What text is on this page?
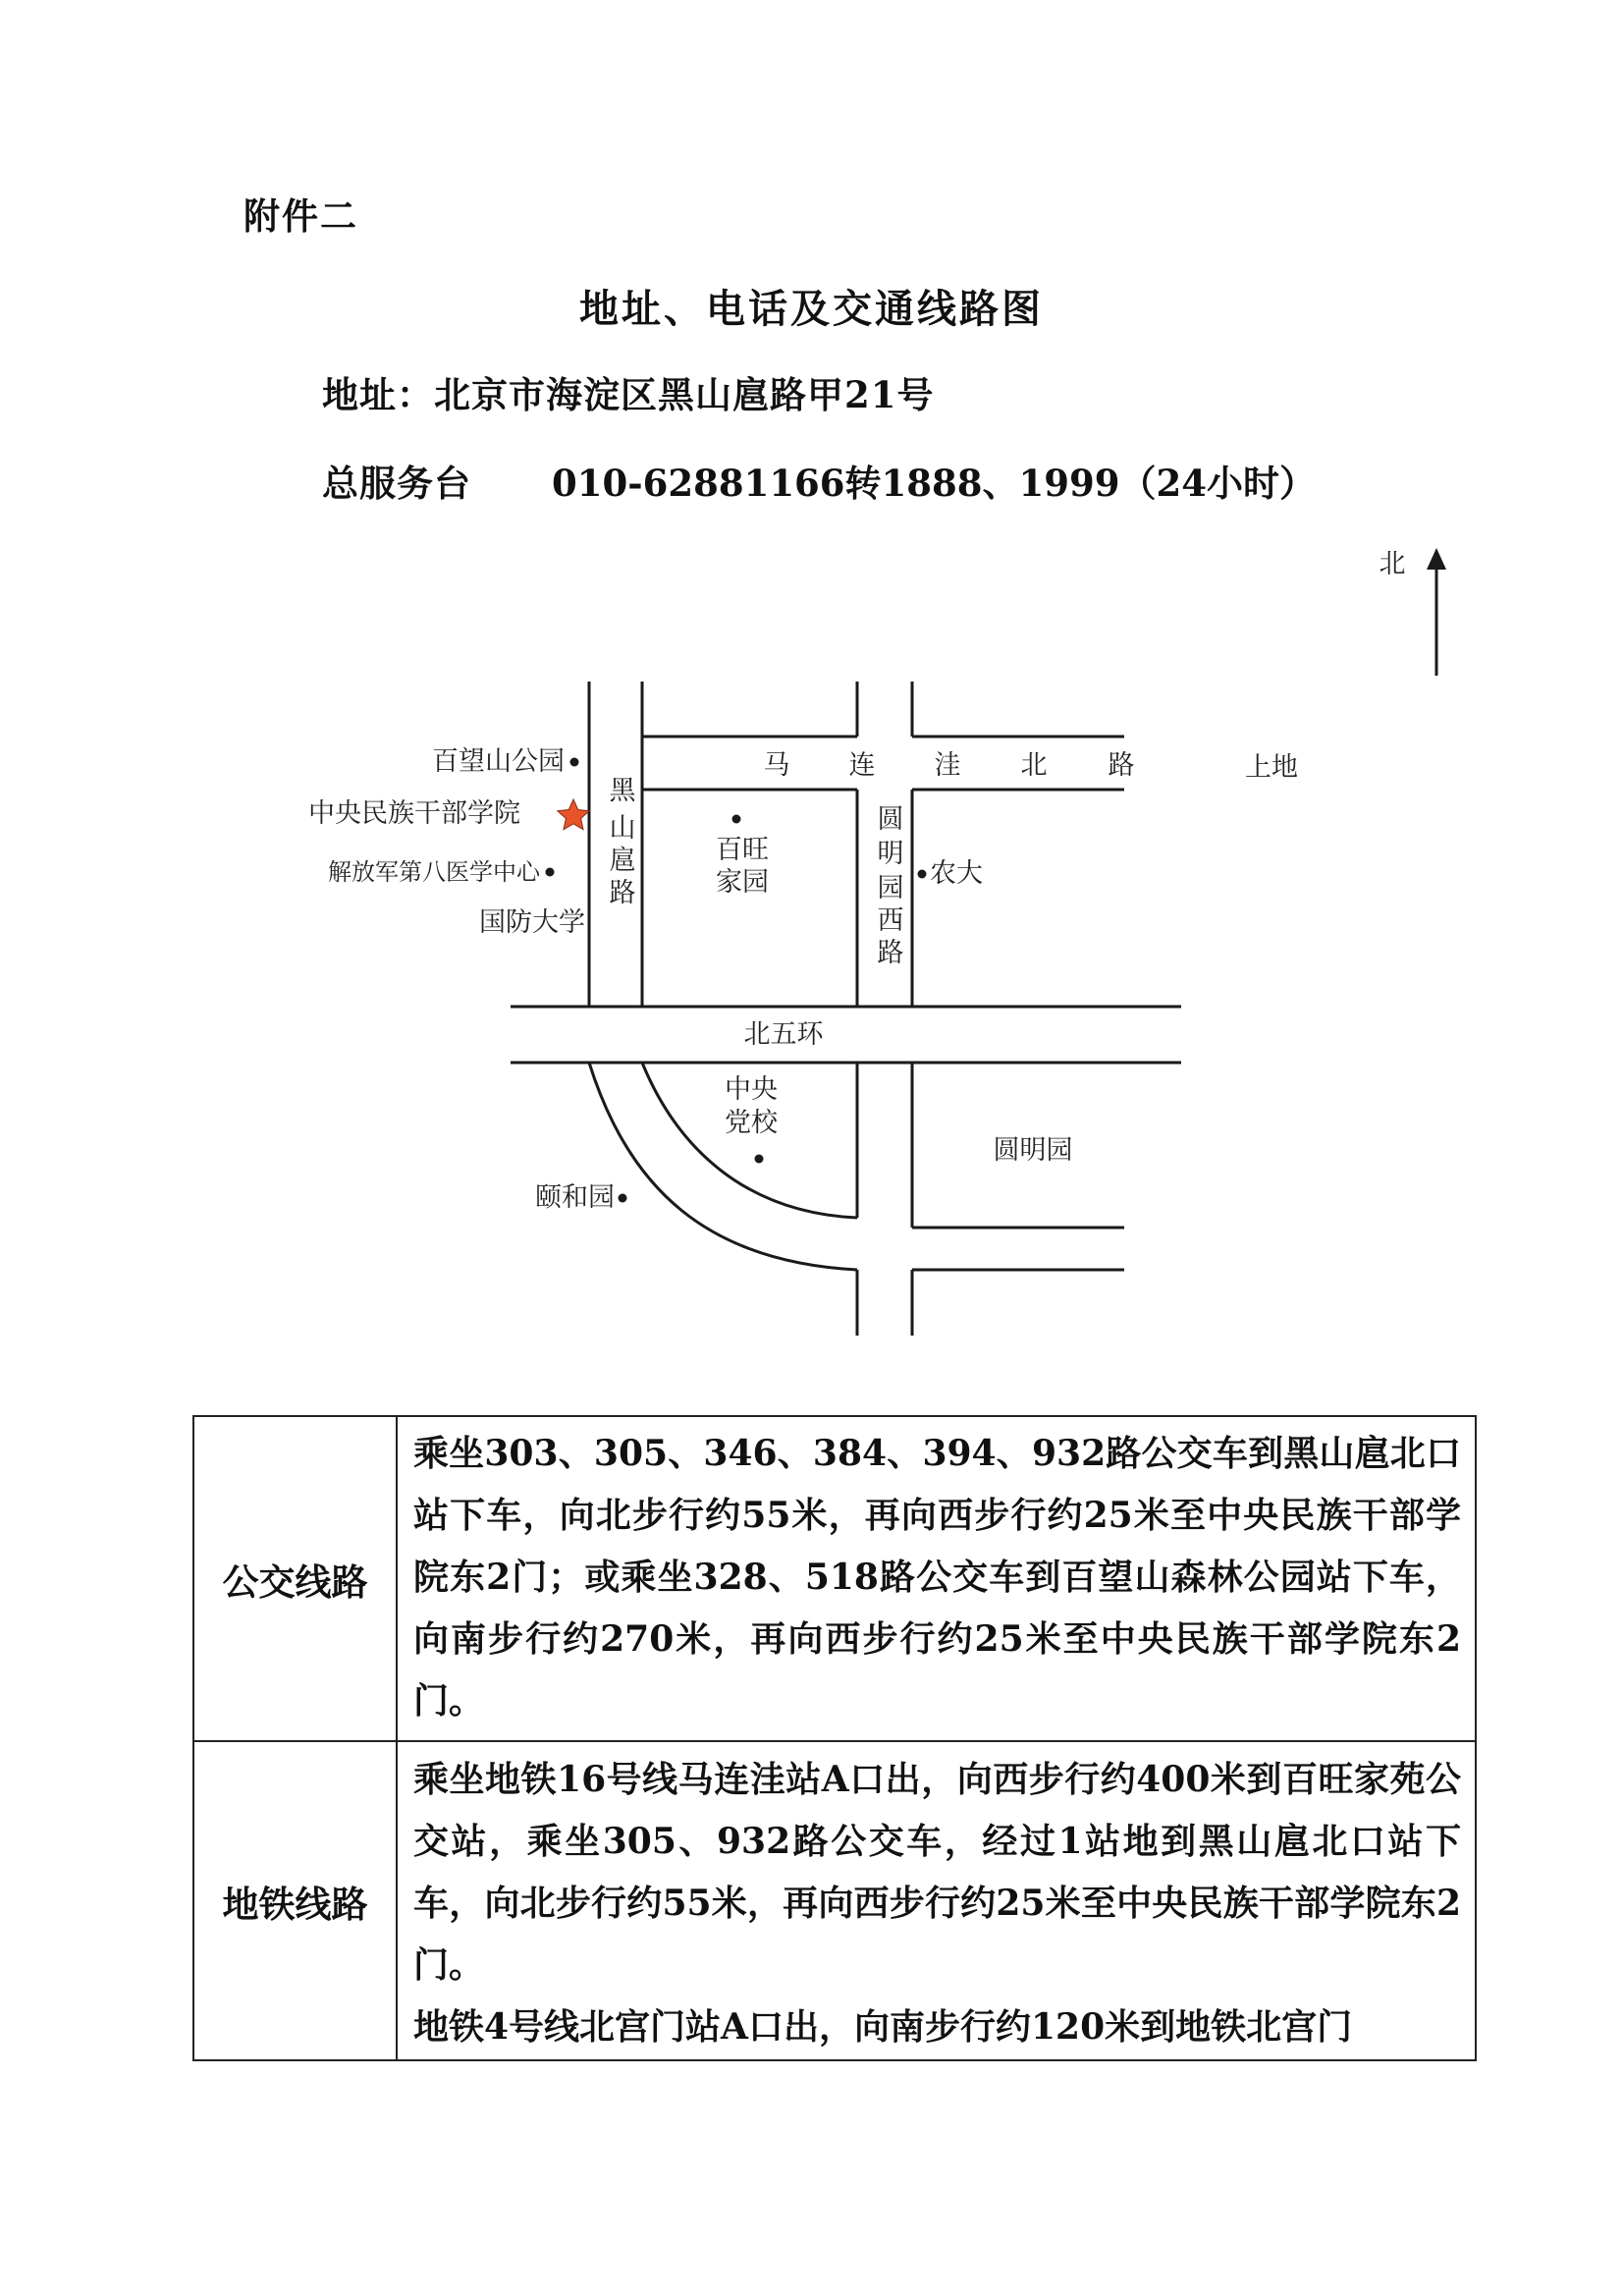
附件二
地址、电话及交通线路图
地址：北京市海淀区黑山扈路甲21号
总服务台 010-62881166转1888、1999（24小时）
北
马 连 洼 北 路
黑
山
扈
路
圆
明
园
西
路
北五环
百望山公园
中央民族干部学院
解放军第八医学中心
国防大学
百旺
家园	农大
上地
中央
党校
颐和园
圆明园
公交线路	乘坐303、305、346、384、394、932路公交车到黑山扈北口站下车，向北步行约55米，再向西步行约25米至中央民族干部学院东2门；或乘坐328、518路公交车到百望山森林公园站下车，向南步行约270米，再向西步行约25米至中央民族干部学院东2门。
地铁线路	乘坐地铁16号线马连洼站A口出，向西步行约400米到百旺家苑公交站，乘坐305、932路公交车，经过1站地到黑山扈北口站下车，向北步行约55米，再向西步行约25米至中央民族干部学院东2门。
地铁4号线北宫门站A口出，向南步行约120米到地铁北宫门
